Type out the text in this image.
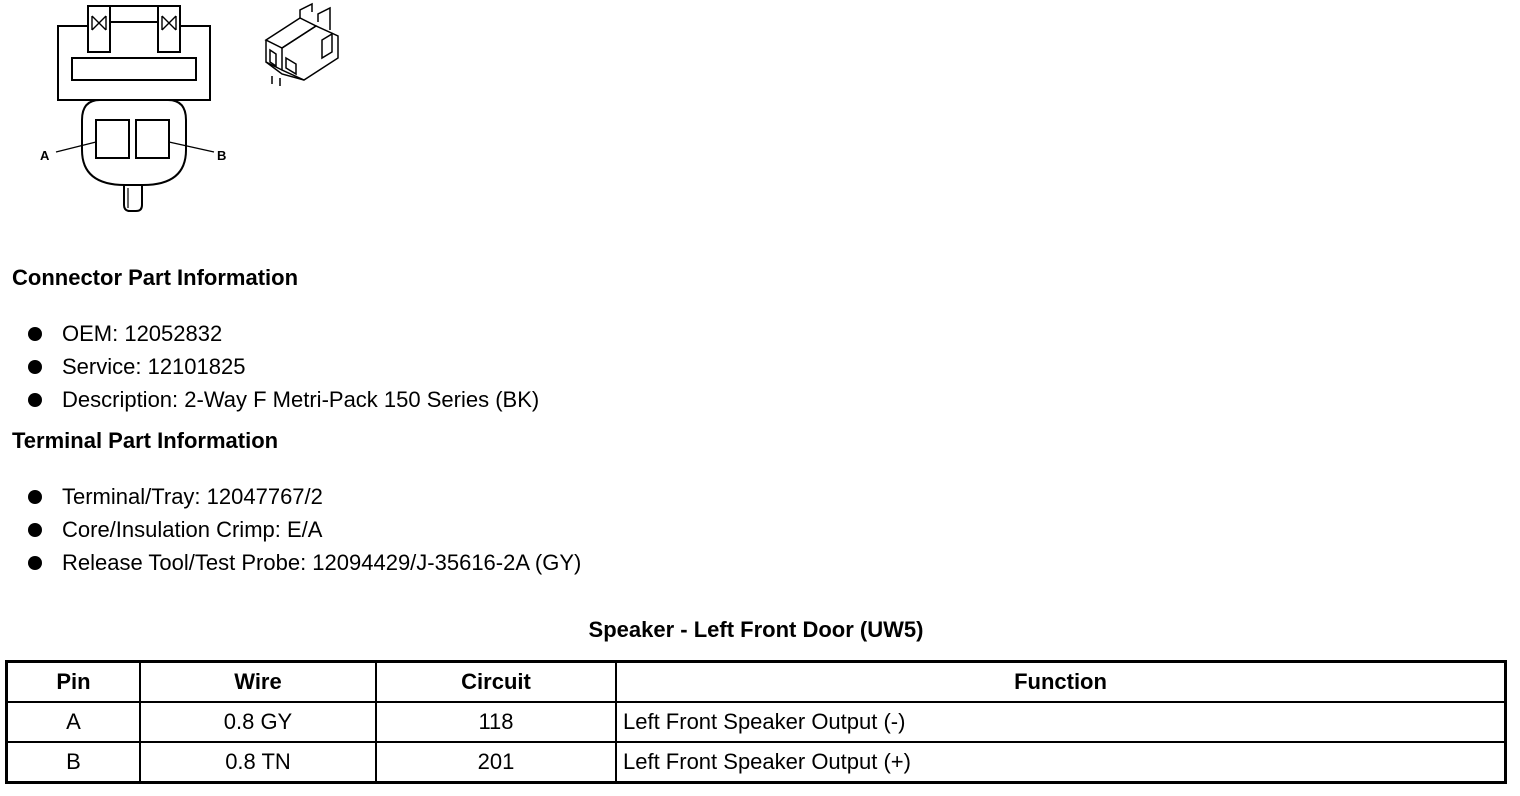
A	B
Connector Part Information
OEM: 12052832
Service: 12101825
Description: 2-Way F Metri-Pack 150 Series (BK)
Terminal Part Information
Terminal/Tray: 12047767/2
Core/Insulation Crimp: E/A
Release Tool/Test Probe: 12094429/J-35616-2A (GY)
Speaker - Left Front Door (UW5)
Pin	Wire	Circuit	Function
A	0.8 GY	118	Left Front Speaker Output (-)
B	0.8 TN	201	Left Front Speaker Output (+)
